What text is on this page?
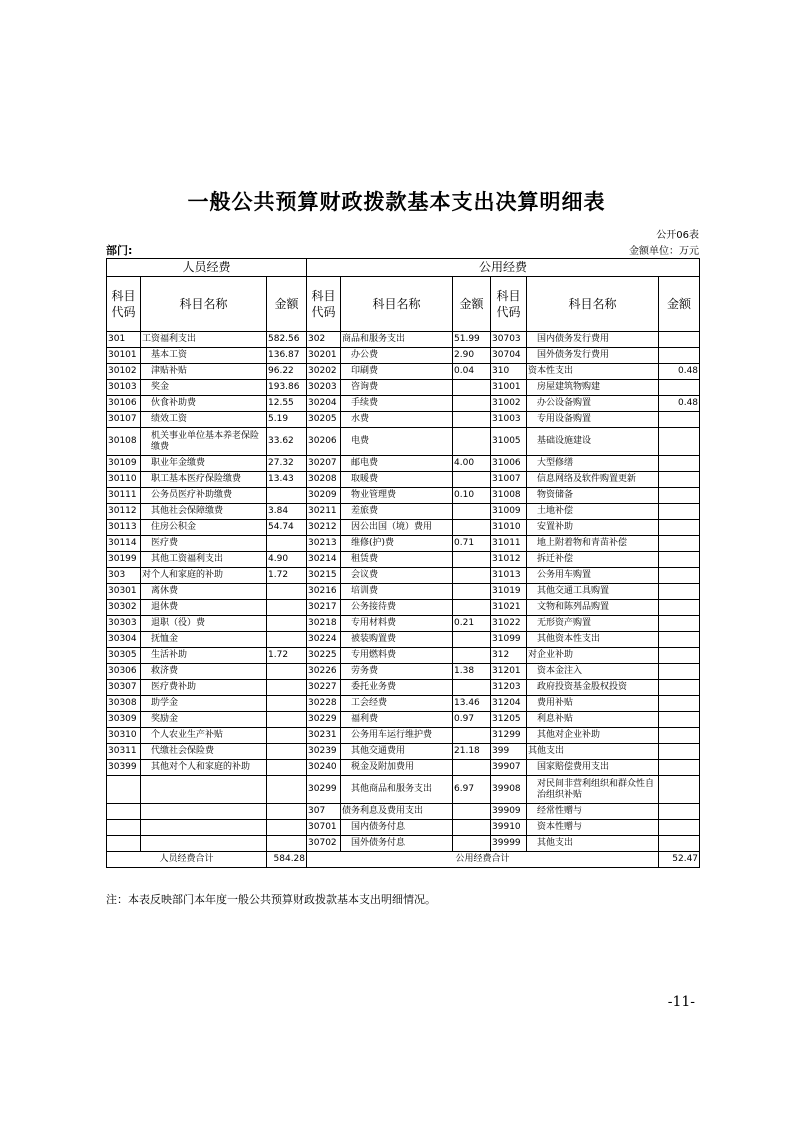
一般公共预算财政拨款基本支出决算明细表
公开06表
部门:	金额单位：万元
人员经费			公用经费					
科目代码	科目名称	金额	科目代码	科目名称	金额	科目代码	科目名称	金额
301	工资福利支出	582.56	302	商品和服务支出	51.99	30703	国内债务发行费用	
30101	基本工资	136.87	30201	办公费	2.90	30704	国外债务发行费用	
30102	津贴补贴	96.22	30202	印刷费	0.04	310	资本性支出	0.48
30103	奖金	193.86	30203	咨询费		31001	房屋建筑物购建	
30106	伙食补助费	12.55	30204	手续费		31002	办公设备购置	0.48
30107	绩效工资	5.19	30205	水费		31003	专用设备购置	
30108	机关事业单位基本养老保险缴费	33.62	30206	电费		31005	基础设施建设	
30109	职业年金缴费	27.32	30207	邮电费	4.00	31006	大型修缮	
30110	职工基本医疗保险缴费	13.43	30208	取暖费		31007	信息网络及软件购置更新	
30111	公务员医疗补助缴费		30209	物业管理费	0.10	31008	物资储备	
30112	其他社会保障缴费	3.84	30211	差旅费		31009	土地补偿	
30113	住房公积金	54.74	30212	因公出国（境）费用		31010	安置补助	
30114	医疗费		30213	维修(护)费	0.71	31011	地上附着物和青苗补偿	
30199	其他工资福利支出	4.90	30214	租赁费		31012	拆迁补偿	
303	对个人和家庭的补助	1.72	30215	会议费		31013	公务用车购置	
30301	离休费		30216	培训费		31019	其他交通工具购置	
30302	退休费		30217	公务接待费		31021	文物和陈列品购置	
30303	退职（役）费		30218	专用材料费	0.21	31022	无形资产购置	
30304	抚恤金		30224	被装购置费		31099	其他资本性支出	
30305	生活补助	1.72	30225	专用燃料费		312	对企业补助	
30306	救济费		30226	劳务费	1.38	31201	资本金注入	
30307	医疗费补助		30227	委托业务费		31203	政府投资基金股权投资	
30308	助学金		30228	工会经费	13.46	31204	费用补贴	
30309	奖励金		30229	福利费	0.97	31205	利息补贴	
30310	个人农业生产补贴		30231	公务用车运行维护费		31299	其他对企业补助	
30311	代缴社会保险费		30239	其他交通费用	21.18	399	其他支出	
30399	其他对个人和家庭的补助		30240	税金及附加费用		39907	国家赔偿费用支出	
			30299	其他商品和服务支出	6.97	39908	对民间非营利组织和群众性自治组织补贴	
			307	债务利息及费用支出		39909	经常性赠与	
			30701	国内债务付息		39910	资本性赠与	
			30702	国外债务付息		39999	其他支出	
人员经费合计		584.28	公用经费合计					52.47
注：本表反映部门本年度一般公共预算财政拨款基本支出明细情况。
-11-
